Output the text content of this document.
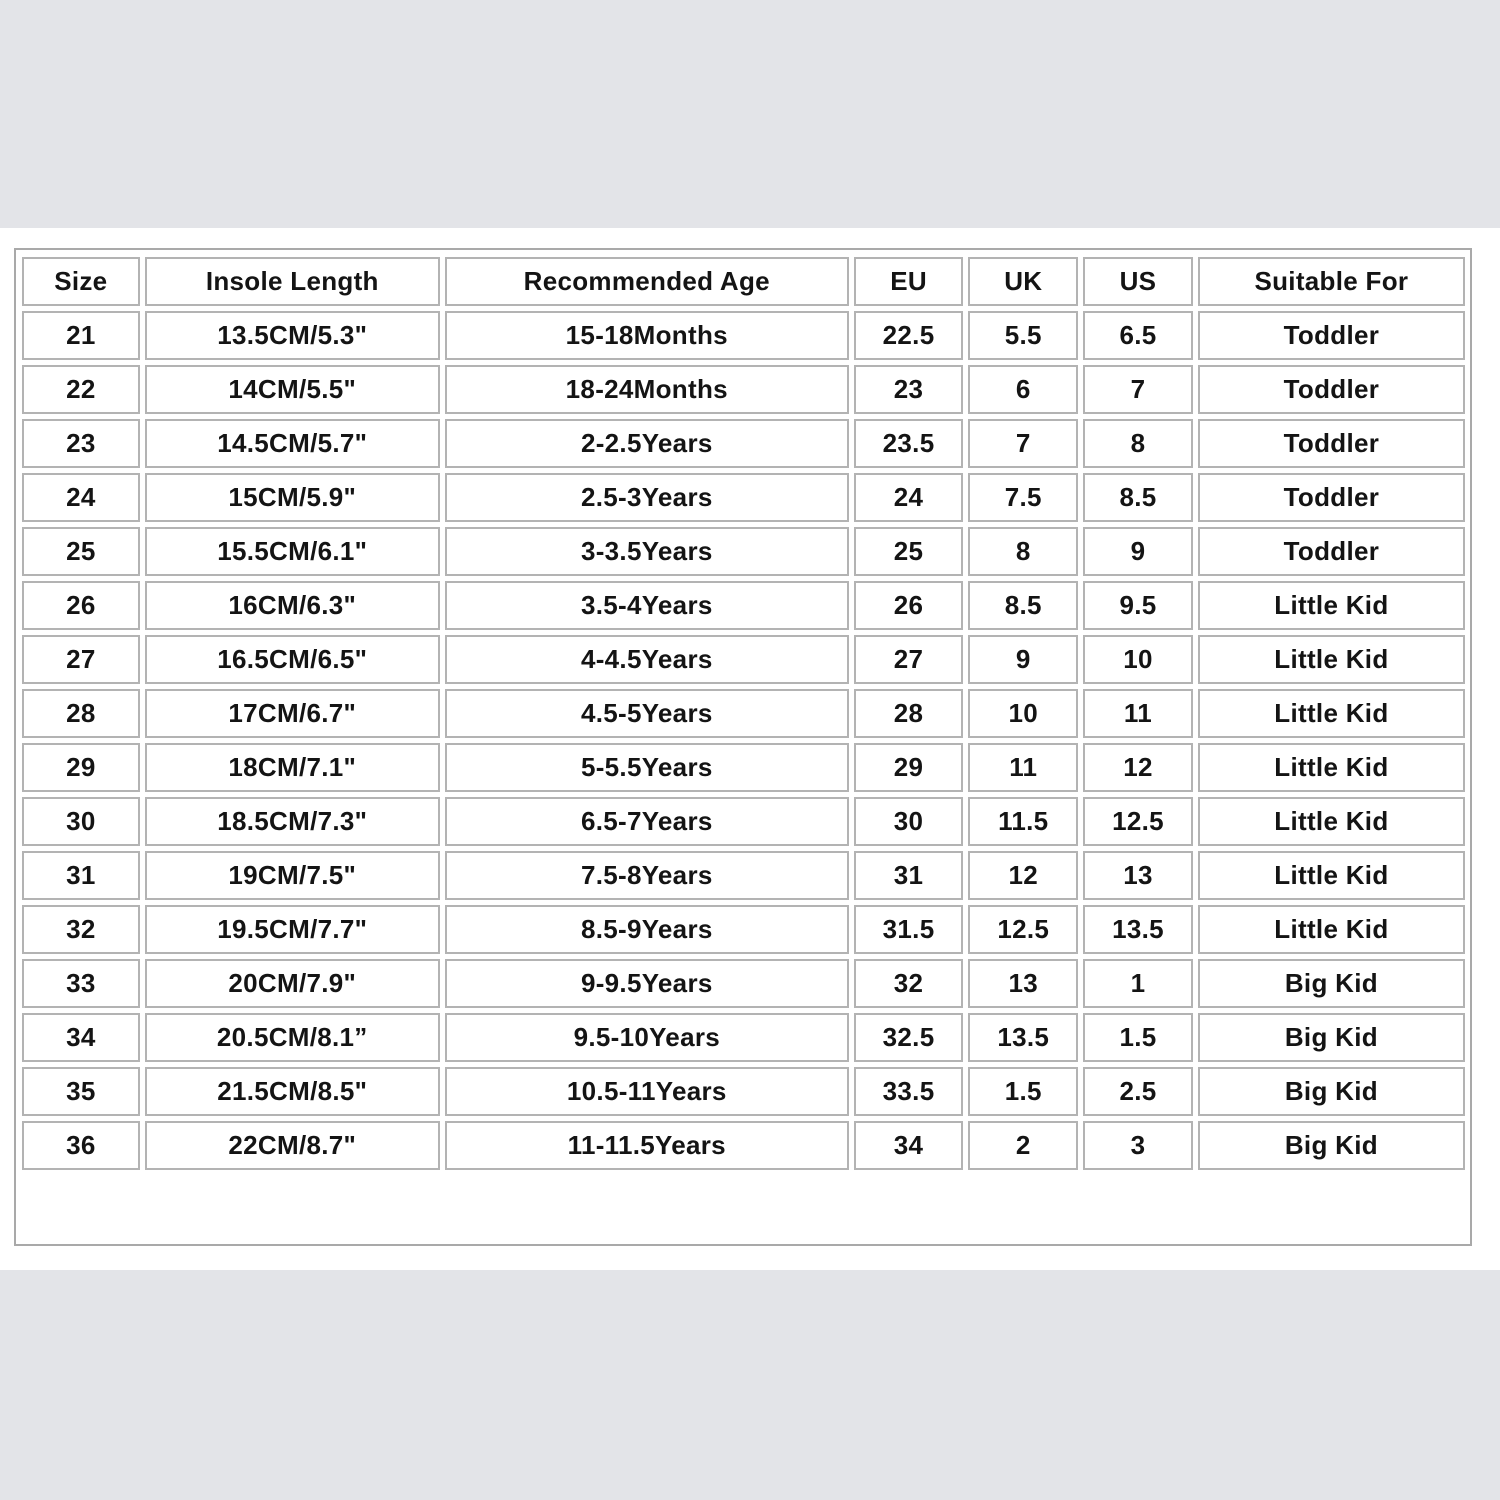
Size	Insole Length	Recommended Age	EU	UK	US	Suitable For
21	13.5CM/5.3"	15-18Months	22.5	5.5	6.5	Toddler
22	14CM/5.5"	18-24Months	23	6	7	Toddler
23	14.5CM/5.7"	2-2.5Years	23.5	7	8	Toddler
24	15CM/5.9"	2.5-3Years	24	7.5	8.5	Toddler
25	15.5CM/6.1"	3-3.5Years	25	8	9	Toddler
26	16CM/6.3"	3.5-4Years	26	8.5	9.5	Little Kid
27	16.5CM/6.5"	4-4.5Years	27	9	10	Little Kid
28	17CM/6.7"	4.5-5Years	28	10	11	Little Kid
29	18CM/7.1"	5-5.5Years	29	11	12	Little Kid
30	18.5CM/7.3"	6.5-7Years	30	11.5	12.5	Little Kid
31	19CM/7.5"	7.5-8Years	31	12	13	Little Kid
32	19.5CM/7.7"	8.5-9Years	31.5	12.5	13.5	Little Kid
33	20CM/7.9"	9-9.5Years	32	13	1	Big Kid
34	20.5CM/8.1”	9.5-10Years	32.5	13.5	1.5	Big Kid
35	21.5CM/8.5"	10.5-11Years	33.5	1.5	2.5	Big Kid
36	22CM/8.7"	11-11.5Years	34	2	3	Big Kid
